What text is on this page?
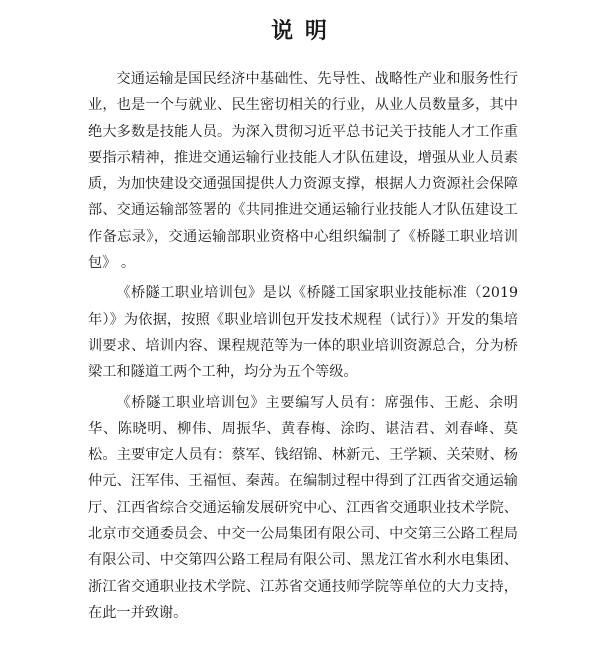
说 明

交通运输是国民经济中基础性、先导性、战略性产业和服务性行业，也是一个与就业、民生密切相关的行业，从业人员数量多，其中绝大多数是技能人员。为深入贯彻习近平总书记关于技能人才工作重要指示精神，推进交通运输行业技能人才队伍建设，增强从业人员素质，为加快建设交通强国提供人力资源支撑，根据人力资源社会保障部、交通运输部签署的《共同推进交通运输行业技能人才队伍建设工作备忘录》，交通运输部职业资格中心组织编制了《桥隧工职业培训包》 。

《桥隧工职业培训包》是以《桥隧工国家职业技能标准（2019年）》为依据，按照《职业培训包开发技术规程（试行）》开发的集培训要求、培训内容、课程规范等为一体的职业培训资源总合，分为桥梁工和隧道工两个工种，均分为五个等级。

《桥隧工职业培训包》主要编写人员有：席强伟、王彪、余明华、陈晓明、柳伟、周振华、黄春梅、涂昀、谌洁君、刘春峰、莫松。主要审定人员有：蔡军、钱绍锦、林新元、王学颖、关荣财、杨仲元、汪军伟、王福恒、秦茜。在编制过程中得到了江西省交通运输厅、江西省综合交通运输发展研究中心、江西省交通职业技术学院、北京市交通委员会、中交一公局集团有限公司、中交第三公路工程局有限公司、中交第四公路工程局有限公司、黑龙江省水利水电集团、浙江省交通职业技术学院、江苏省交通技师学院等单位的大力支持，在此一并致谢。
